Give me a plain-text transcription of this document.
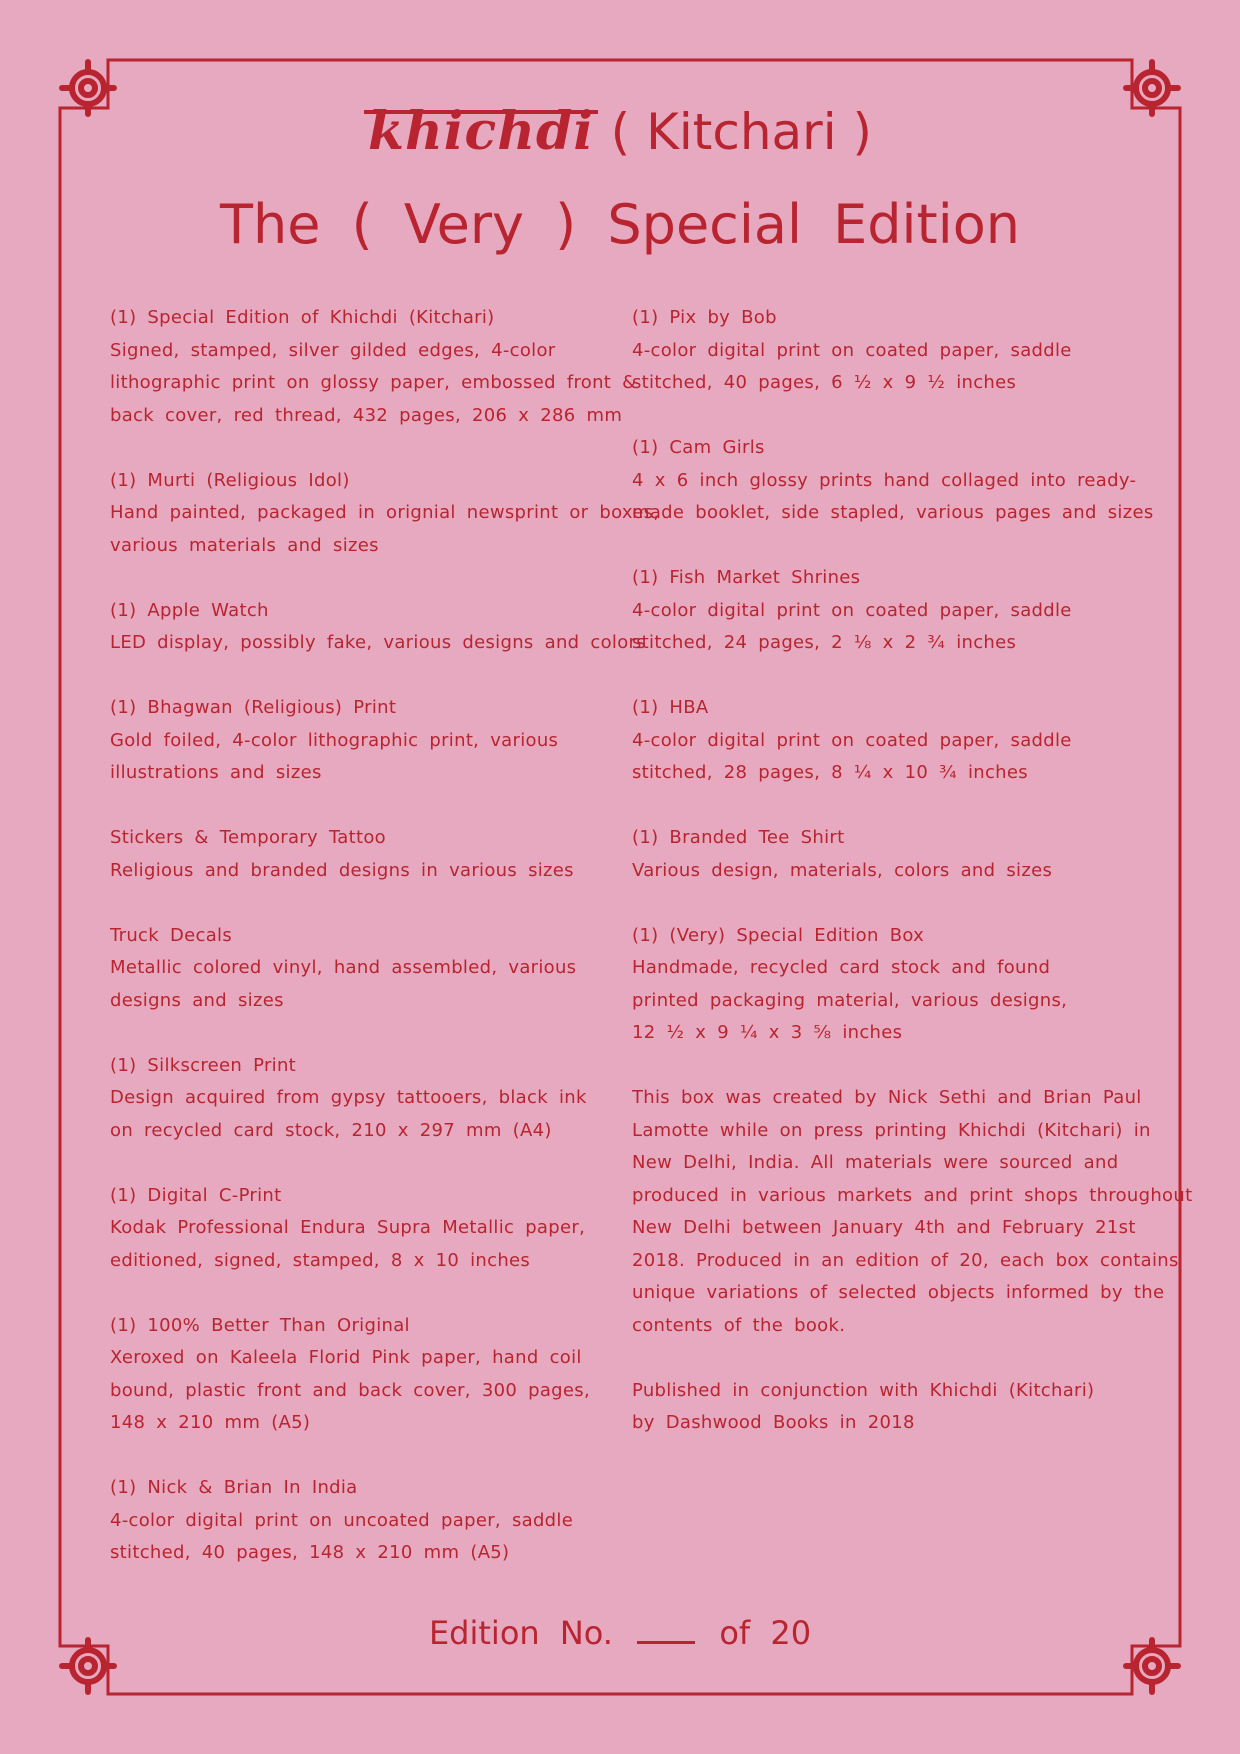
khichdi ( Kitchari )
The ( Very ) Special Edition
(1) Special Edition of Khichdi (Kitchari)
Signed, stamped, silver gilded edges, 4-color
lithographic print on glossy paper, embossed front &
back cover, red thread, 432 pages, 206 x 286 mm
(1) Murti (Religious Idol)
Hand painted, packaged in orignial newsprint or boxes,
various materials and sizes
(1) Apple Watch
LED display, possibly fake, various designs and colors
(1) Bhagwan (Religious) Print
Gold foiled, 4-color lithographic print, various
illustrations and sizes
Stickers & Temporary Tattoo
Religious and branded designs in various sizes
Truck Decals
Metallic colored vinyl, hand assembled, various
designs and sizes
(1) Silkscreen Print
Design acquired from gypsy tattooers, black ink
on recycled card stock, 210 x 297 mm (A4)
(1) Digital C-Print
Kodak Professional Endura Supra Metallic paper,
editioned, signed, stamped, 8 x 10 inches
(1) 100% Better Than Original
Xeroxed on Kaleela Florid Pink paper, hand coil
bound, plastic front and back cover, 300 pages,
148 x 210 mm (A5)
(1) Nick & Brian In India
4-color digital print on uncoated paper, saddle
stitched, 40 pages, 148 x 210 mm (A5)
(1) Pix by Bob
4-color digital print on coated paper, saddle
stitched, 40 pages, 6 ½ x 9 ½ inches
(1) Cam Girls
4 x 6 inch glossy prints hand collaged into ready-
made booklet, side stapled, various pages and sizes
(1) Fish Market Shrines
4-color digital print on coated paper, saddle
stitched, 24 pages, 2 ⅛ x 2 ¾ inches
(1) HBA
4-color digital print on coated paper, saddle
stitched, 28 pages, 8 ¼ x 10 ¾ inches
(1) Branded Tee Shirt
Various design, materials, colors and sizes
(1) (Very) Special Edition Box
Handmade, recycled card stock and found
printed packaging material, various designs,
12 ½ x 9 ¼ x 3 ⅝ inches
This box was created by Nick Sethi and Brian Paul
Lamotte while on press printing Khichdi (Kitchari) in
New Delhi, India. All materials were sourced and
produced in various markets and print shops throughout
New Delhi between January 4th and February 21st
2018. Produced in an edition of 20, each box contains
unique variations of selected objects informed by the
contents of the book.
Published in conjunction with Khichdi (Kitchari)
by Dashwood Books in 2018
Edition No.	of 20
